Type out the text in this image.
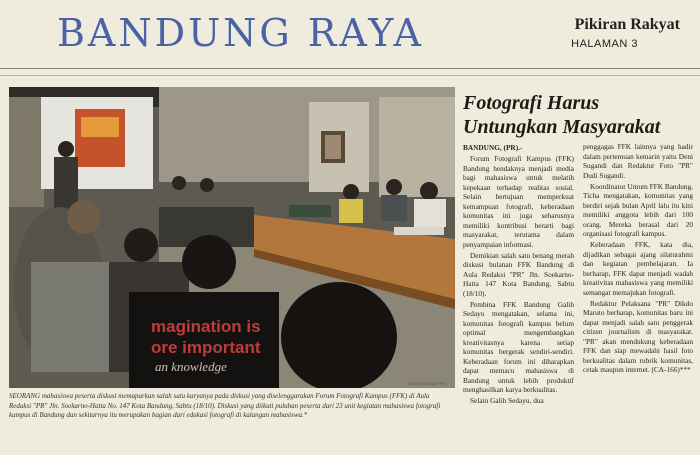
BANDUNG RAYA	Pikiran Rakyat

HALAMAN 3

magination is
ore important
an knowledge

DUDI SUGANDI/"PR"

SEORANG mahasiswa peserta diskusi memaparkan salah satu karyanya pada diskusi yang diselenggarakan Forum Fotografi Kampus (FFK) di Aula Redaksi "PR" Jln. Soekarno-Hatta No. 147 Kota Bandung, Sabtu (18/10). Diskusi yang diikuti puluhan peserta dari 23 unit kegiatan mahasiswa fotografi kampus di Bandung dan sekitarnya itu merupakan bagian dari edukasi fotografi di kalangan mahasiswa.*

Fotografi Harus Untungkan Masyarakat

BANDUNG, (PR).-

Forum Fotografi Kampus (FFK) Bandung hendaknya menjadi media bagi mahasiswa untuk melatih kepekaan terhadap realitas sosial. Selain bertujuan memperkuat kemampuan fotografi, keberadaan komunitas ini juga seharusnya memiliki kontribusi berarti bagi masyarakat, terutama dalam penyampaian informasi.

Demikian salah satu benang merah diskusi bulanan FFK Bandung di Aula Redaksi "PR" Jln. Soekarno-Hatta 147 Kota Bandung, Sabtu (18/10).

Pembina FFK Bandung Galih Sedayu mengatakan, selama ini, komunitas fotografi kampus belum optimal mengembangkan kreativitasnya karena setiap komunitas bergerak sendiri-sendiri. Keberadaan forum ini diharapkan dapat memacu mahasiswa di Bandung untuk lebih produktif menghasilkan karya berkualitas.

Selain Galih Sedayu, dua

penggagas FFK lainnya yang hadir dalam pertemuan kemarin yaitu Deni Sugandi dan Redaktur Foto "PR" Dudi Sugandi.

Koordinator Umum FFK Bandung, Ticha mengatakan, komunitas yang berdiri sejak bulan April lalu itu kini memiliki anggota lebih dari 100 orang. Mereka berasal dari 20 organisasi fotografi kampus.

Keberadaan FFK, kata dia, dijadikan sebagai ajang silaturahmi dan kegiatan pembelajaran. Ia berharap, FFK dapat menjadi wadah kreativitas mahasiswa yang memiliki semangat memajukan fotografi.

Redaktur Pelaksana "PR" Dikdo Maruto berharap, komunitas baru ini dapat menjadi salah satu penggerak citizen journalism di masyarakat. "PR" akan mendukung keberadaan FFK dan siap mewadahi hasil foto berkualitas dalam rubrik komunitas, cetak maupun internet. (CA-166)***
